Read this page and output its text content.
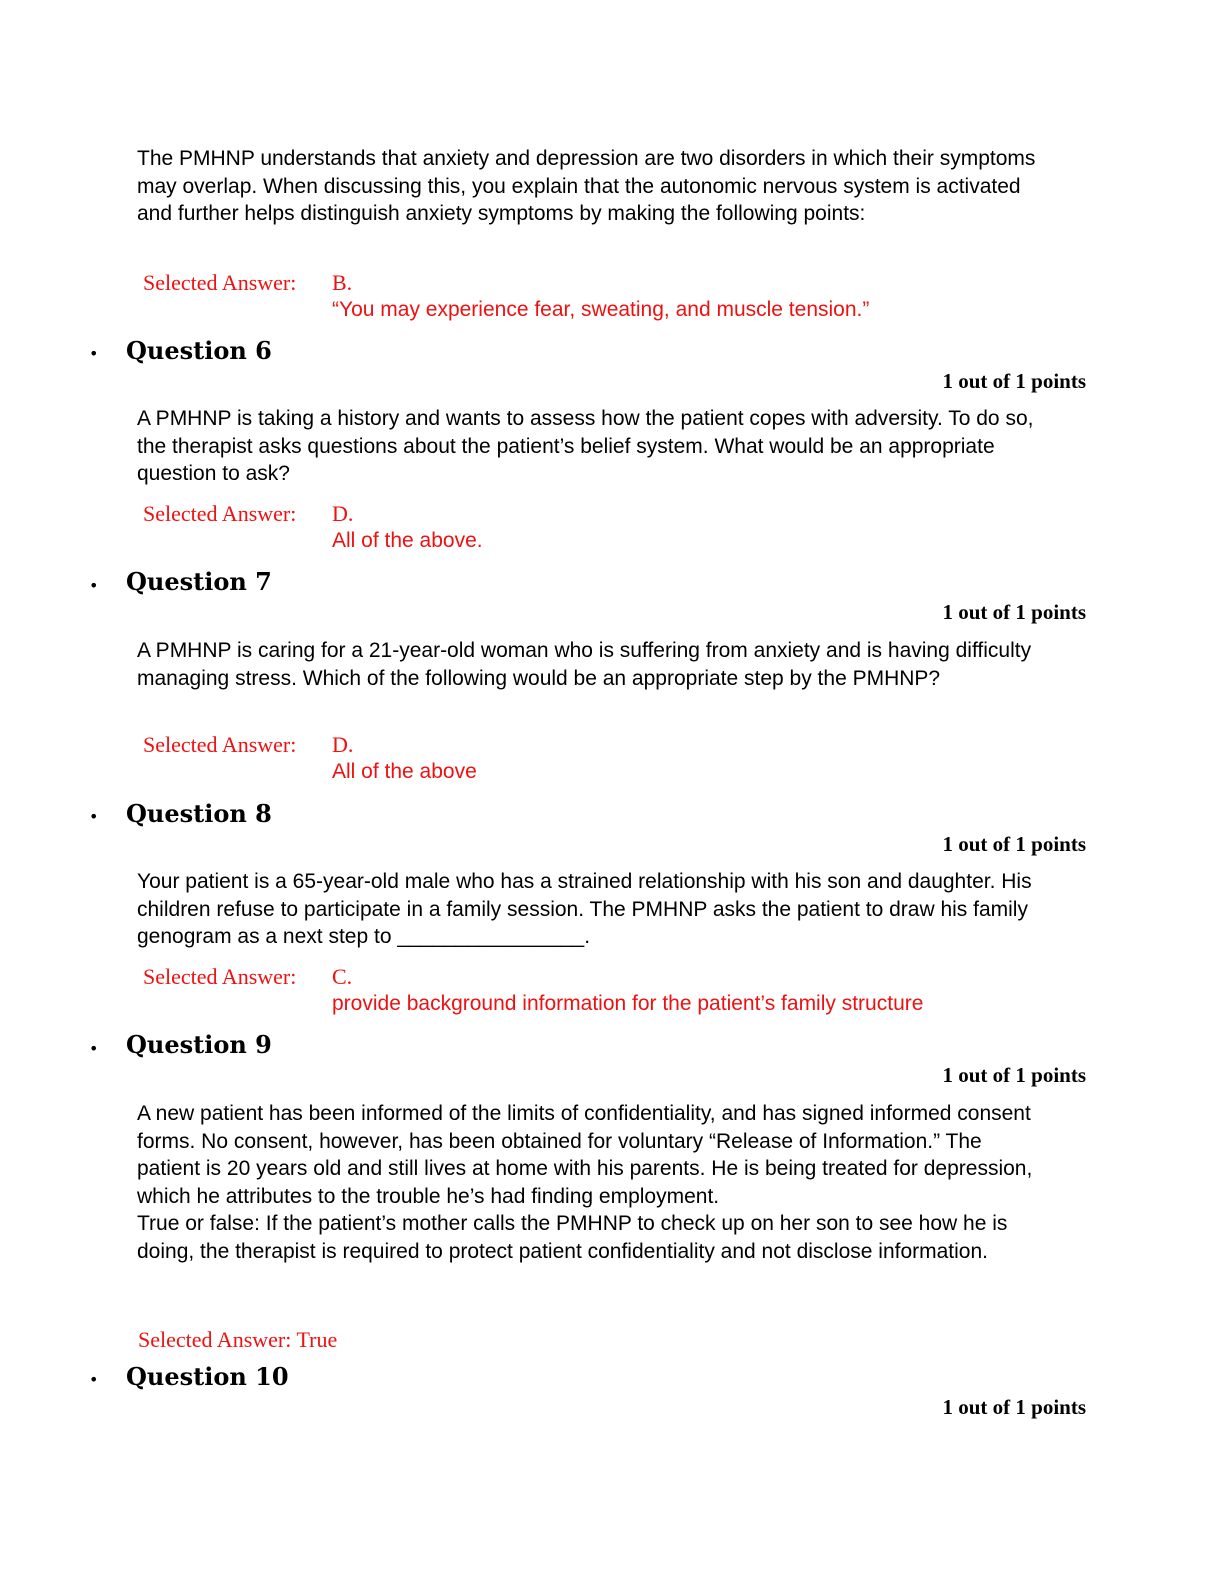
The PMHNP understands that anxiety and depression are two disorders in which their symptoms may overlap. When discussing this, you explain that the autonomic nervous system is activated and further helps distinguish anxiety symptoms by making the following points:

Selected Answer: B.
“You may experience fear, sweating, and muscle tension.”
• Question 6
1 out of 1 points

A PMHNP is taking a history and wants to assess how the patient copes with adversity. To do so, the therapist asks questions about the patient’s belief system. What would be an appropriate question to ask?

Selected Answer: D.
All of the above.
• Question 7
1 out of 1 points

A PMHNP is caring for a 21-year-old woman who is suffering from anxiety and is having difficulty managing stress. Which of the following would be an appropriate step by the PMHNP?

Selected Answer: D.
All of the above
• Question 8
1 out of 1 points

Your patient is a 65-year-old male who has a strained relationship with his son and daughter. His children refuse to participate in a family session. The PMHNP asks the patient to draw his family genogram as a next step to ________________.

Selected Answer: C.
provide background information for the patient’s family structure
• Question 9
1 out of 1 points

A new patient has been informed of the limits of confidentiality, and has signed informed consent forms. No consent, however, has been obtained for voluntary “Release of Information.” The patient is 20 years old and still lives at home with his parents. He is being treated for depression, which he attributes to the trouble he’s had finding employment.

True or false: If the patient’s mother calls the PMHNP to check up on her son to see how he is doing, the therapist is required to protect patient confidentiality and not disclose information.

Selected Answer: True
• Question 10
1 out of 1 points
